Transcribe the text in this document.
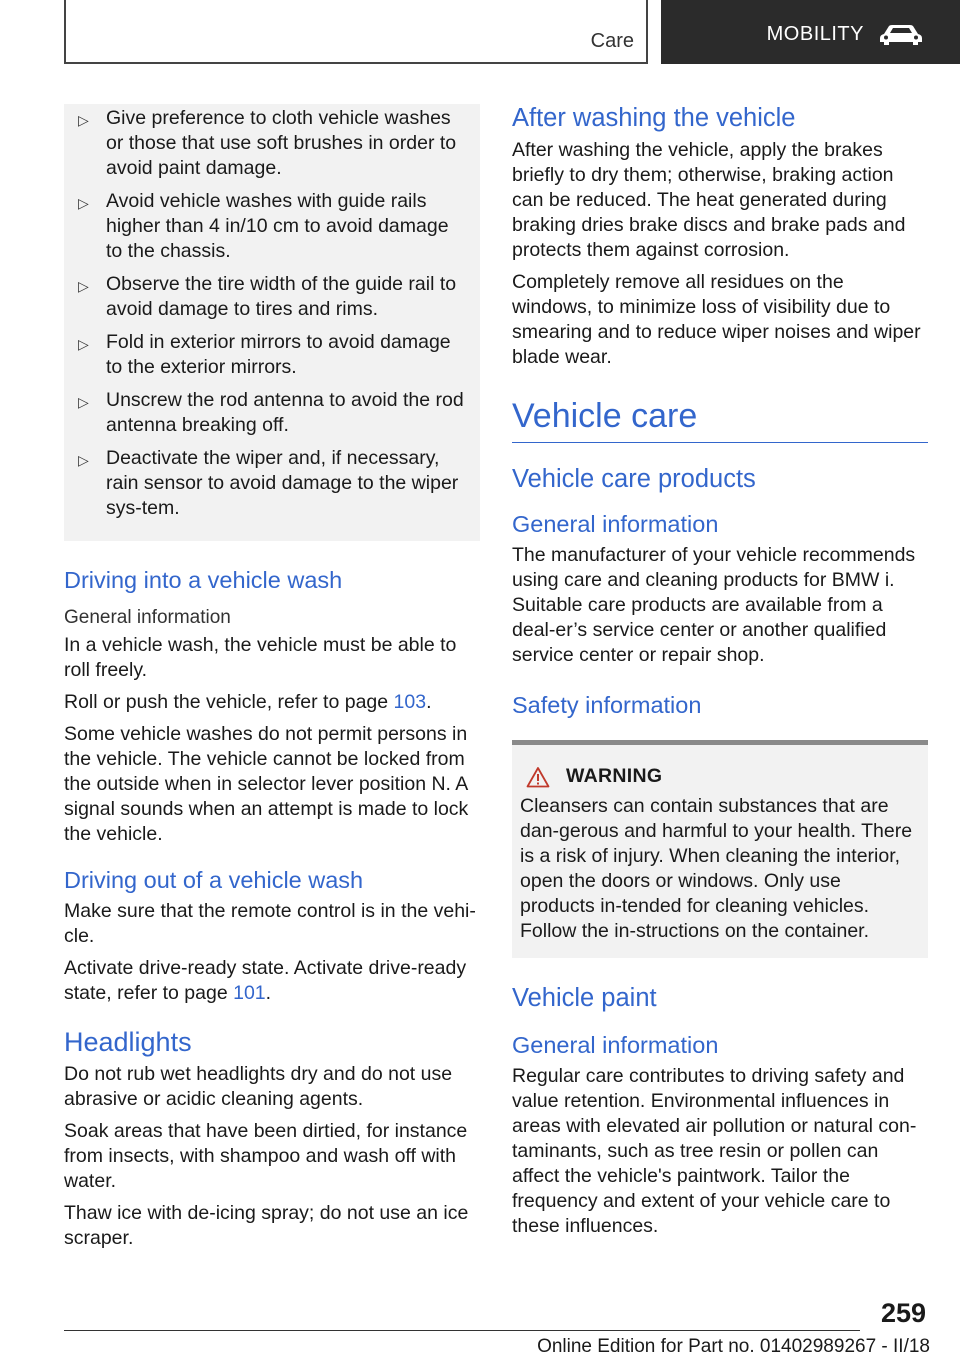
Care	MOBILITY
▷ Give preference to cloth vehicle washes or those that use soft brushes in order to avoid paint damage.
▷ Avoid vehicle washes with guide rails higher than 4 in/10 cm to avoid damage to the chassis.
▷ Observe the tire width of the guide rail to avoid damage to tires and rims.
▷ Fold in exterior mirrors to avoid damage to the exterior mirrors.
▷ Unscrew the rod antenna to avoid the rod antenna breaking off.
▷ Deactivate the wiper and, if necessary, rain sensor to avoid damage to the wiper sys‐tem.
Driving into a vehicle wash
General information

In a vehicle wash, the vehicle must be able to roll freely.

Roll or push the vehicle, refer to page 103.

Some vehicle washes do not permit persons in the vehicle. The vehicle cannot be locked from the outside when in selector lever position N. A signal sounds when an attempt is made to lock the vehicle.

Driving out of a vehicle wash

Make sure that the remote control is in the vehi‐cle.

Activate drive-ready state. Activate drive-ready state, refer to page 101.

Headlights

Do not rub wet headlights dry and do not use abrasive or acidic cleaning agents.

Soak areas that have been dirtied, for instance from insects, with shampoo and wash off with water.

Thaw ice with de-icing spray; do not use an ice scraper.

After washing the vehicle

After washing the vehicle, apply the brakes briefly to dry them; otherwise, braking action can be reduced. The heat generated during braking dries brake discs and brake pads and protects them against corrosion.

Completely remove all residues on the windows, to minimize loss of visibility due to smearing and to reduce wiper noises and wiper blade wear.

Vehicle care
Vehicle care products
General information

The manufacturer of your vehicle recommends using care and cleaning products for BMW i. Suitable care products are available from a deal‐er’s service center or another qualified service center or repair shop.

Safety information
WARNING

Cleansers can contain substances that are dan‐gerous and harmful to your health. There is a risk of injury. When cleaning the interior, open the doors or windows. Only use products in‐tended for cleaning vehicles. Follow the in‐structions on the container.

Vehicle paint
General information

Regular care contributes to driving safety and value retention. Environmental influences in areas with elevated air pollution or natural con‐taminants, such as tree resin or pollen can affect the vehicle's paintwork. Tailor the frequency and extent of your vehicle care to these influences.

259
Online Edition for Part no. 01402989267 - II/18
